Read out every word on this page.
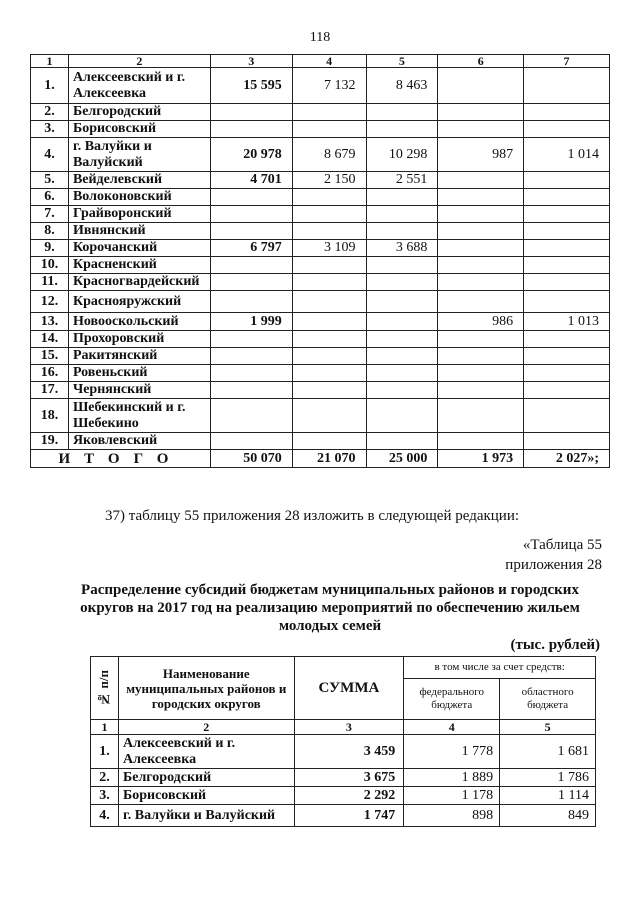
118
1	2	3	4	5	6	7
1.	Алексеевский и г. Алексеевка	15 595	7 132	8 463		
2.	Белгородский					
3.	Борисовский					
4.	г. Валуйки и Валуйский	20 978	8 679	10 298	987	1 014
5.	Вейделевский	4 701	2 150	2 551		
6.	Волоконовский					
7.	Грайворонский					
8.	Ивнянский					
9.	Корочанский	6 797	3 109	3 688		
10.	Красненский					
11.	Красногвардейский					
12.	Краснояружский					
13.	Новооскольский	1 999			986	1 013
14.	Прохоровский					
15.	Ракитянский					
16.	Ровеньский					
17.	Чернянский					
18.	Шебекинский и г. Шебекино					
19.	Яковлевский					
ИТОГО		50 070	21 070	25 000	1 973	2 027»;
37) таблицу 55 приложения 28 изложить в следующей редакции:
«Таблица 55
приложения 28
Распределение субсидий бюджетам муниципальных районов и городских округов на 2017 год на реализацию мероприятий по обеспечению жильем молодых семей
(тыс. рублей)
№ п/п	Наименование муниципальных районов и городских округов	СУММА	в том числе за счет средств:	
			федерального бюджета	областного бюджета
1	2	3	4	5
1.	Алексеевский и г. Алексеевка	3 459	1 778	1 681
2.	Белгородский	3 675	1 889	1 786
3.	Борисовский	2 292	1 178	1 114
4.	г. Валуйки и Валуйский	1 747	898	849
